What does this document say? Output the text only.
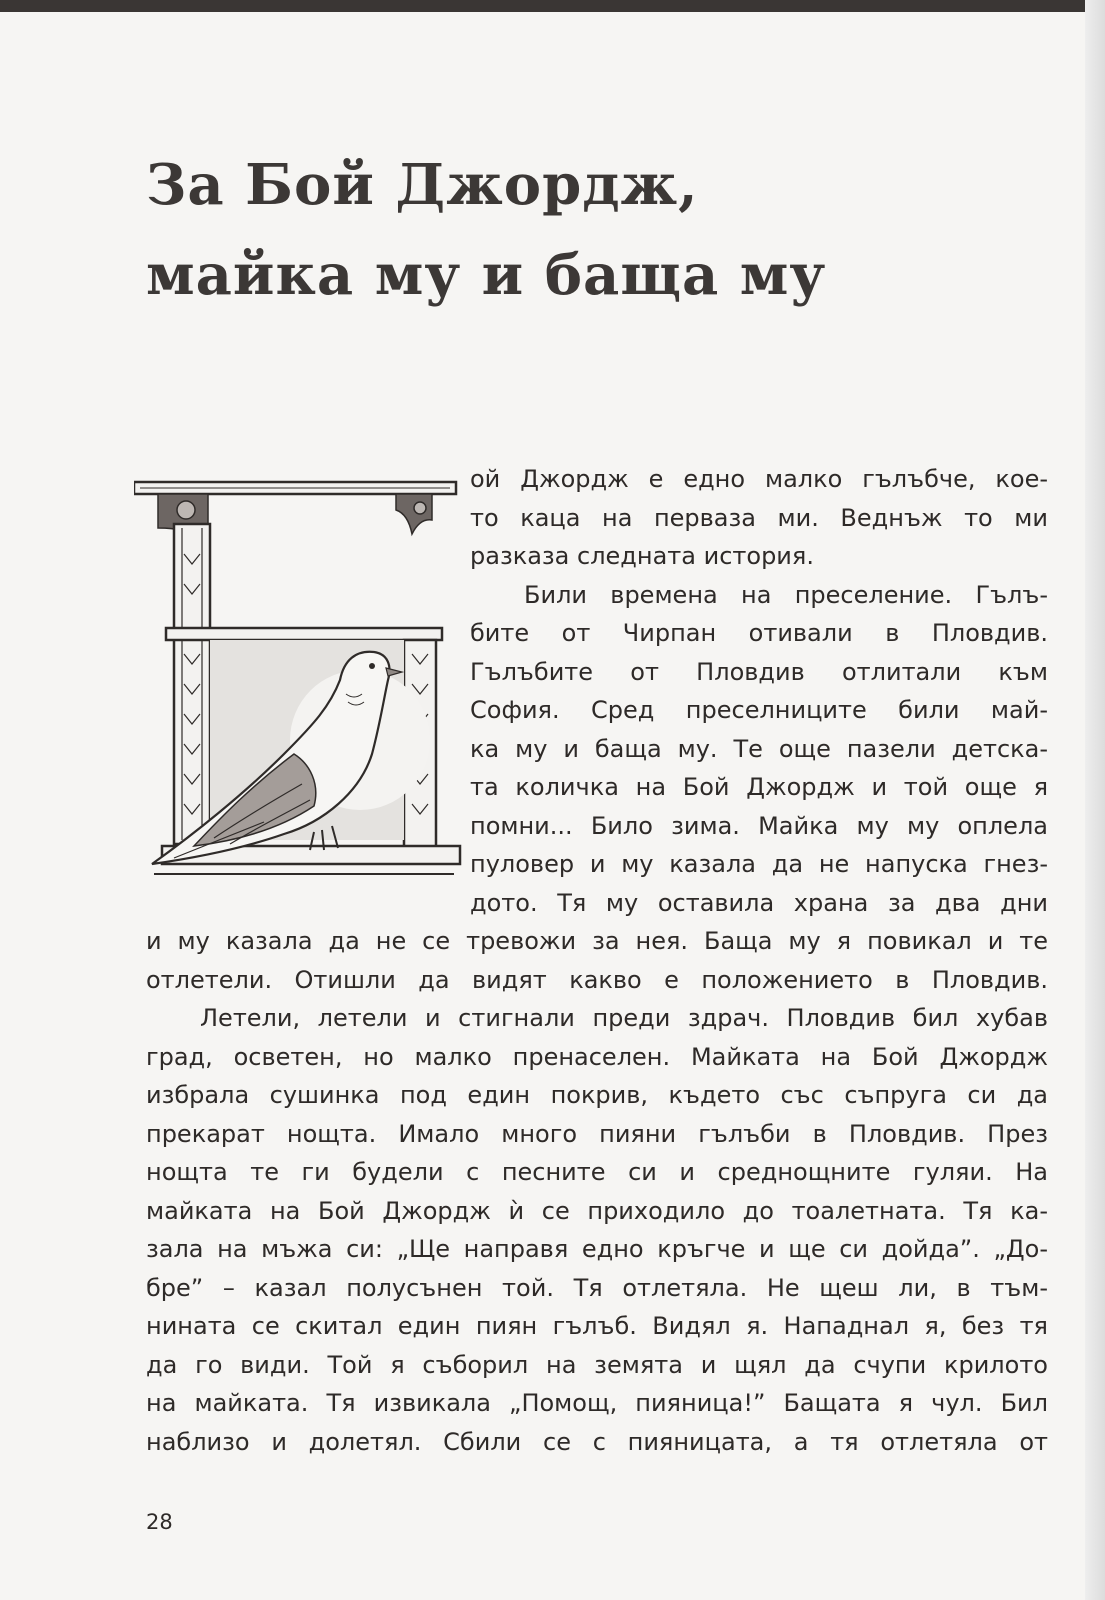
За Бой Джордж,
майка му и баща му
ой Джордж е едно малко гълъбче, кое-
то каца на перваза ми. Веднъж то ми
разказа следната история.
Били времена на преселение. Гълъ-
бите от Чирпан отивали в Пловдив.
Гълъбите от Пловдив отлитали към
София. Сред преселниците били май-
ка му и баща му. Те още пазели детска-
та количка на Бой Джордж и той още я
помни... Било зима. Майка му му оплела
пуловер и му казала да не напуска гнез-
дото. Тя му оставила храна за два дни
и му казала да не се тревожи за нея. Баща му я повикал и те
отлетели. Отишли да видят какво е положението в Пловдив.
Летели, летели и стигнали преди здрач. Пловдив бил хубав
град, осветен, но малко пренаселен. Майката на Бой Джордж
избрала сушинка под един покрив, където със съпруга си да
прекарат нощта. Имало много пияни гълъби в Пловдив. През
нощта те ги будели с песните си и среднощните гуляи. На
майката на Бой Джордж ѝ се приходило до тоалетната. Тя ка-
зала на мъжа си: „Ще направя едно кръгче и ще си дойда”. „До-
бре” – казал полусънен той. Тя отлетяла. Не щеш ли, в тъм-
нината се скитал един пиян гълъб. Видял я. Нападнал я, без тя
да го види. Той я съборил на земята и щял да счупи крилото
на майката. Тя извикала „Помощ, пияница!” Бащата я чул. Бил
наблизо и долетял. Сбили се с пияницата, а тя отлетяла от
28
